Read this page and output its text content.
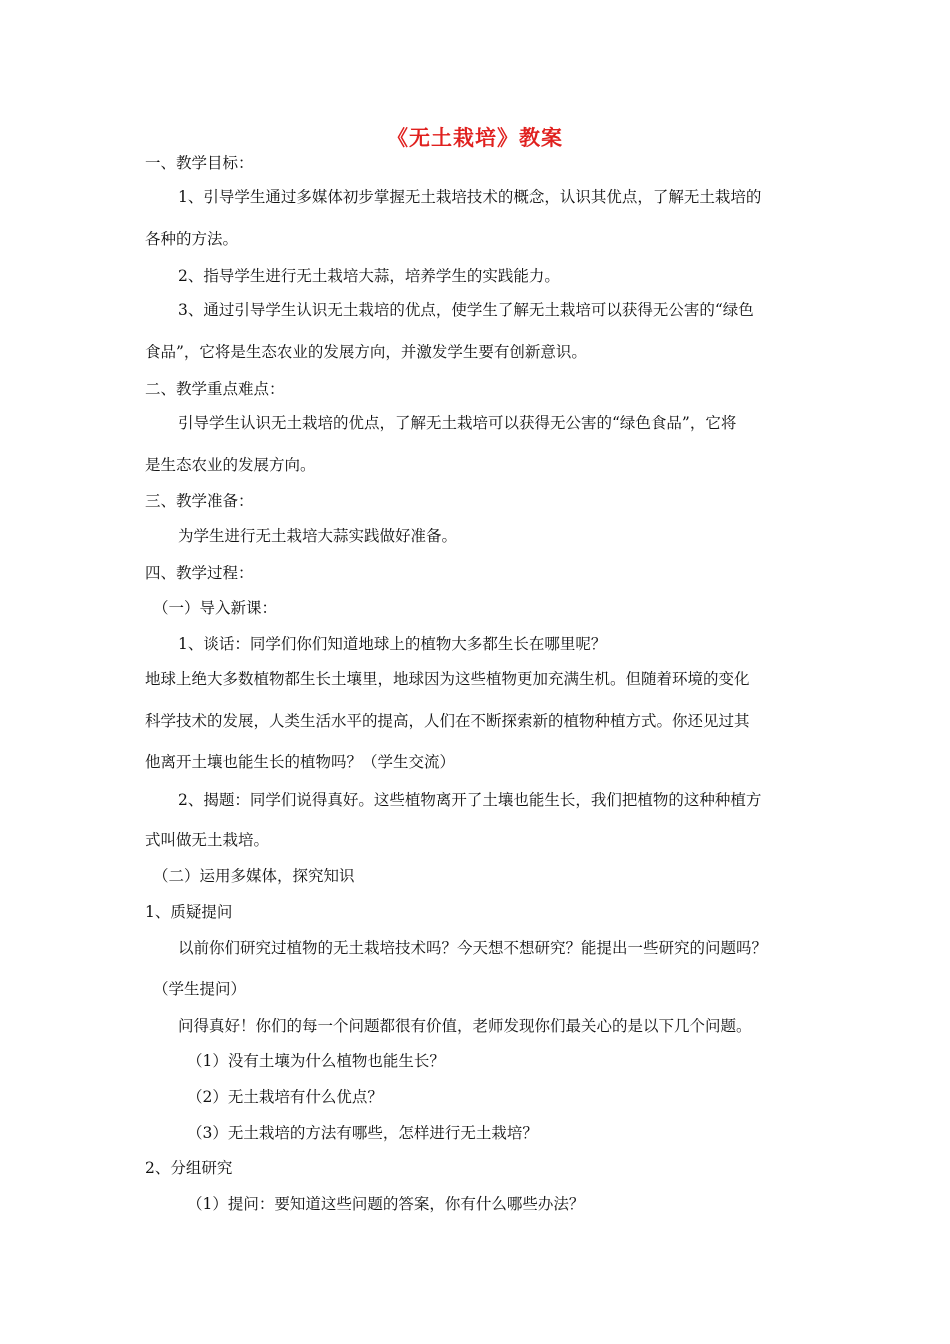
《无土栽培》教案
一、教学目标：
1、引导学生通过多媒体初步掌握无土栽培技术的概念，认识其优点，了解无土栽培的
各种的方法。
2、指导学生进行无土栽培大蒜，培养学生的实践能力。
3、通过引导学生认识无土栽培的优点，使学生了解无土栽培可以获得无公害的“绿色
食品”，它将是生态农业的发展方向，并激发学生要有创新意识。
二、教学重点难点：
引导学生认识无土栽培的优点，了解无土栽培可以获得无公害的“绿色食品”，它将
是生态农业的发展方向。
三、教学准备：
为学生进行无土栽培大蒜实践做好准备。
四、教学过程：
（一）导入新课：
1、谈话：同学们你们知道地球上的植物大多都生长在哪里呢？
地球上绝大多数植物都生长土壤里，地球因为这些植物更加充满生机。但随着环境的变化
科学技术的发展，人类生活水平的提高，人们在不断探索新的植物种植方式。你还见过其
他离开土壤也能生长的植物吗？（学生交流）
2、揭题：同学们说得真好。这些植物离开了土壤也能生长，我们把植物的这种种植方
式叫做无土栽培。
（二）运用多媒体，探究知识
1、质疑提问
以前你们研究过植物的无土栽培技术吗？今天想不想研究？能提出一些研究的问题吗？
（学生提问）
问得真好！你们的每一个问题都很有价值，老师发现你们最关心的是以下几个问题。
（1）没有土壤为什么植物也能生长？
（2）无土栽培有什么优点？
（3）无土栽培的方法有哪些，怎样进行无土栽培？
2、分组研究
（1）提问：要知道这些问题的答案，你有什么哪些办法？
